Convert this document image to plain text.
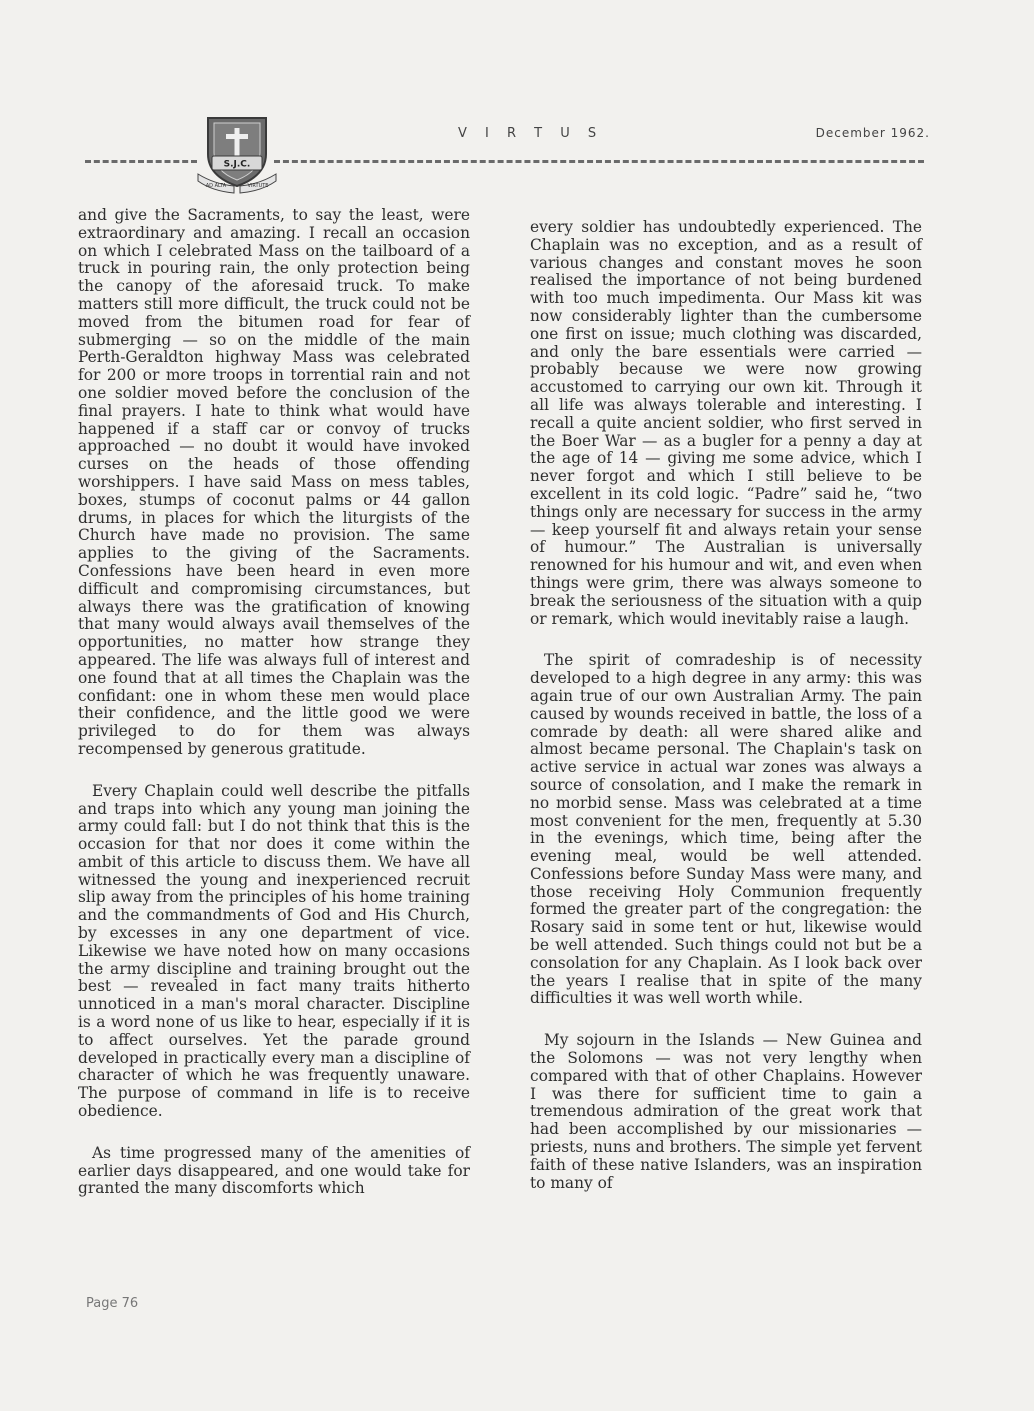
S.J.C.
AD ALTA	VIRTUTE
V I R T U S	December 1962.

and give the Sacraments, to say the least, were extraordinary and amazing. I recall an occasion on which I celebrated Mass on the tailboard of a truck in pouring rain, the only protection being the canopy of the aforesaid truck. To make matters still more difficult, the truck could not be moved from the bitumen road for fear of submerging — so on the middle of the main Perth-Geraldton highway Mass was celebrated for 200 or more troops in torrential rain and not one soldier moved before the conclusion of the final prayers. I hate to think what would have happened if a staff car or convoy of trucks approached — no doubt it would have invoked curses on the heads of those offending worshippers. I have said Mass on mess tables, boxes, stumps of coconut palms or 44 gallon drums, in places for which the liturgists of the Church have made no provision. The same applies to the giving of the Sacraments. Confessions have been heard in even more difficult and compromising circumstances, but always there was the gratification of knowing that many would always avail themselves of the opportunities, no matter how strange they appeared. The life was always full of interest and one found that at all times the Chaplain was the confidant: one in whom these men would place their confidence, and the little good we were privileged to do for them was always recompensed by generous gratitude.

Every Chaplain could well describe the pitfalls and traps into which any young man joining the army could fall: but I do not think that this is the occasion for that nor does it come within the ambit of this article to discuss them. We have all witnessed the young and inexperienced recruit slip away from the principles of his home training and the commandments of God and His Church, by excesses in any one department of vice. Likewise we have noted how on many occasions the army discipline and training brought out the best — revealed in fact many traits hitherto unnoticed in a man's moral character. Discipline is a word none of us like to hear, especially if it is to affect ourselves. Yet the parade ground developed in practically every man a discipline of character of which he was frequently unaware. The purpose of command in life is to receive obedience.

As time progressed many of the amenities of earlier days disappeared, and one would take for granted the many discomforts which

every soldier has undoubtedly experienced. The Chaplain was no exception, and as a result of various changes and constant moves he soon realised the importance of not being burdened with too much impedimenta. Our Mass kit was now considerably lighter than the cumbersome one first on issue; much clothing was discarded, and only the bare essentials were carried — probably because we were now growing accustomed to carrying our own kit. Through it all life was always tolerable and interesting. I recall a quite ancient soldier, who first served in the Boer War — as a bugler for a penny a day at the age of 14 — giving me some advice, which I never forgot and which I still believe to be excellent in its cold logic. “Padre” said he, “two things only are necessary for success in the army — keep yourself fit and always retain your sense of humour.” The Australian is universally renowned for his humour and wit, and even when things were grim, there was always someone to break the seriousness of the situation with a quip or remark, which would inevitably raise a laugh.

The spirit of comradeship is of necessity developed to a high degree in any army: this was again true of our own Australian Army. The pain caused by wounds received in battle, the loss of a comrade by death: all were shared alike and almost became personal. The Chaplain's task on active service in actual war zones was always a source of consolation, and I make the remark in no morbid sense. Mass was celebrated at a time most convenient for the men, frequently at 5.30 in the evenings, which time, being after the evening meal, would be well attended. Confessions before Sunday Mass were many, and those receiving Holy Communion frequently formed the greater part of the congregation: the Rosary said in some tent or hut, likewise would be well attended. Such things could not but be a consolation for any Chaplain. As I look back over the years I realise that in spite of the many difficulties it was well worth while.

My sojourn in the Islands — New Guinea and the Solomons — was not very lengthy when compared with that of other Chaplains. However I was there for sufficient time to gain a tremendous admiration of the great work that had been accomplished by our missionaries — priests, nuns and brothers. The simple yet fervent faith of these native Islanders, was an inspiration to many of

Page 76
